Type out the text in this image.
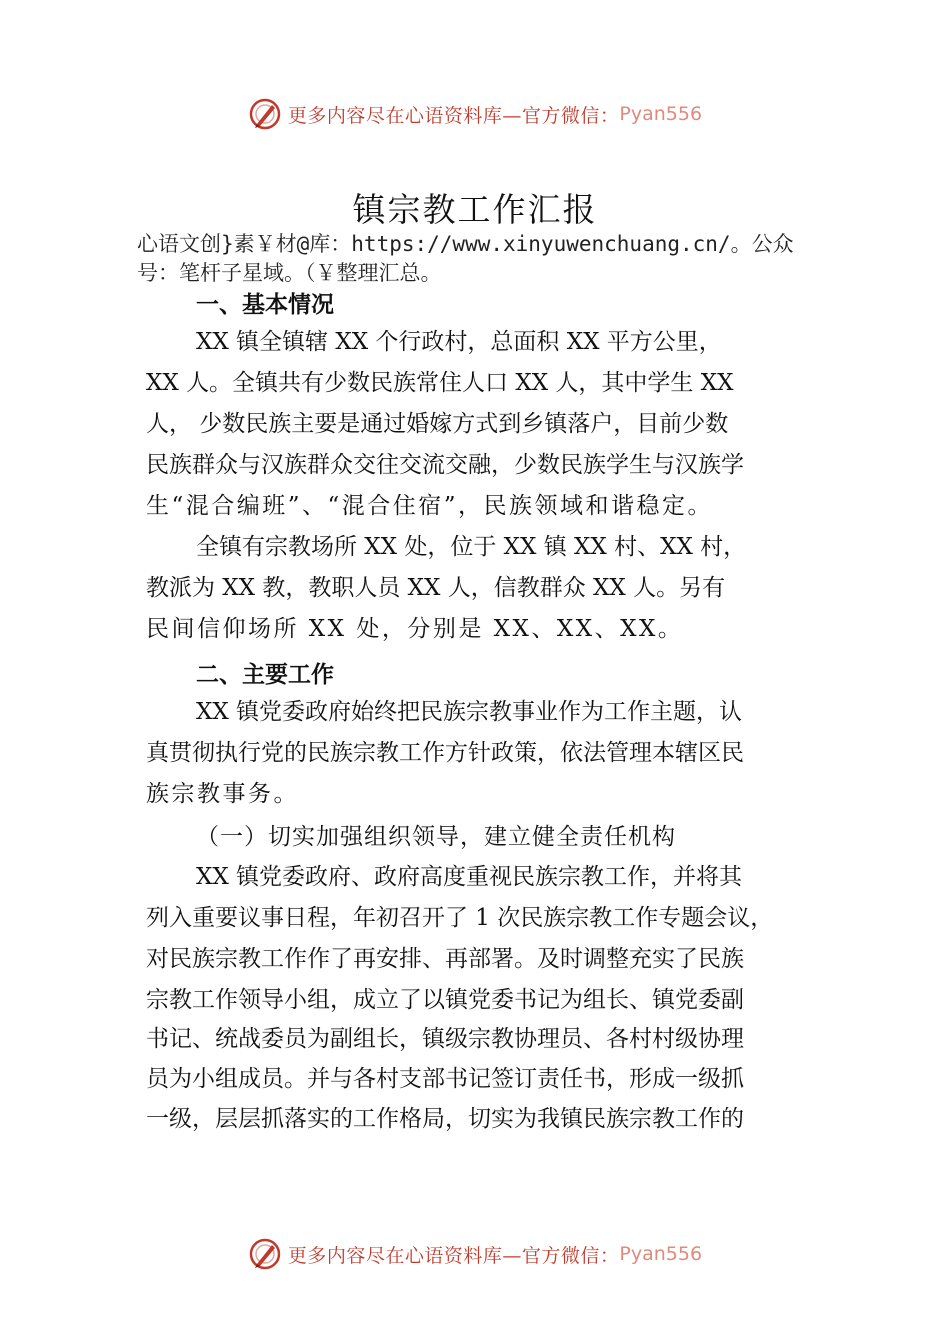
更多内容尽在心语资料库—官方微信： Pyan556
镇宗教工作汇报
心语文创}素￥材@库：https://www.xinyuwenchuang.cn/。公众号：笔杆子星域。（￥整理汇总。
一、基本情况
XX 镇全镇辖 XX 个行政村，总面积 XX 平方公里，
XX 人。全镇共有少数民族常住人口 XX 人，其中学生 XX
人， 少数民族主要是通过婚嫁方式到乡镇落户，目前少数
民族群众与汉族群众交往交流交融，少数民族学生与汉族学
生“混合编班”、“混合住宿”，民族领域和谐稳定。
全镇有宗教场所 XX 处，位于 XX 镇 XX 村、XX 村，
教派为 XX 教，教职人员 XX 人，信教群众 XX 人。另有
民间信仰场所 XX 处，分别是 XX、XX、XX。
二、主要工作
XX 镇党委政府始终把民族宗教事业作为工作主题，认
真贯彻执行党的民族宗教工作方针政策，依法管理本辖区民
族宗教事务。
（一）切实加强组织领导，建立健全责任机构
XX 镇党委政府、政府高度重视民族宗教工作，并将其
列入重要议事日程，年初召开了 1 次民族宗教工作专题会议，
对民族宗教工作作了再安排、再部署。及时调整充实了民族
宗教工作领导小组，成立了以镇党委书记为组长、镇党委副
书记、统战委员为副组长，镇级宗教协理员、各村村级协理
员为小组成员。并与各村支部书记签订责任书，形成一级抓
一级，层层抓落实的工作格局，切实为我镇民族宗教工作的
更多内容尽在心语资料库—官方微信： Pyan556
